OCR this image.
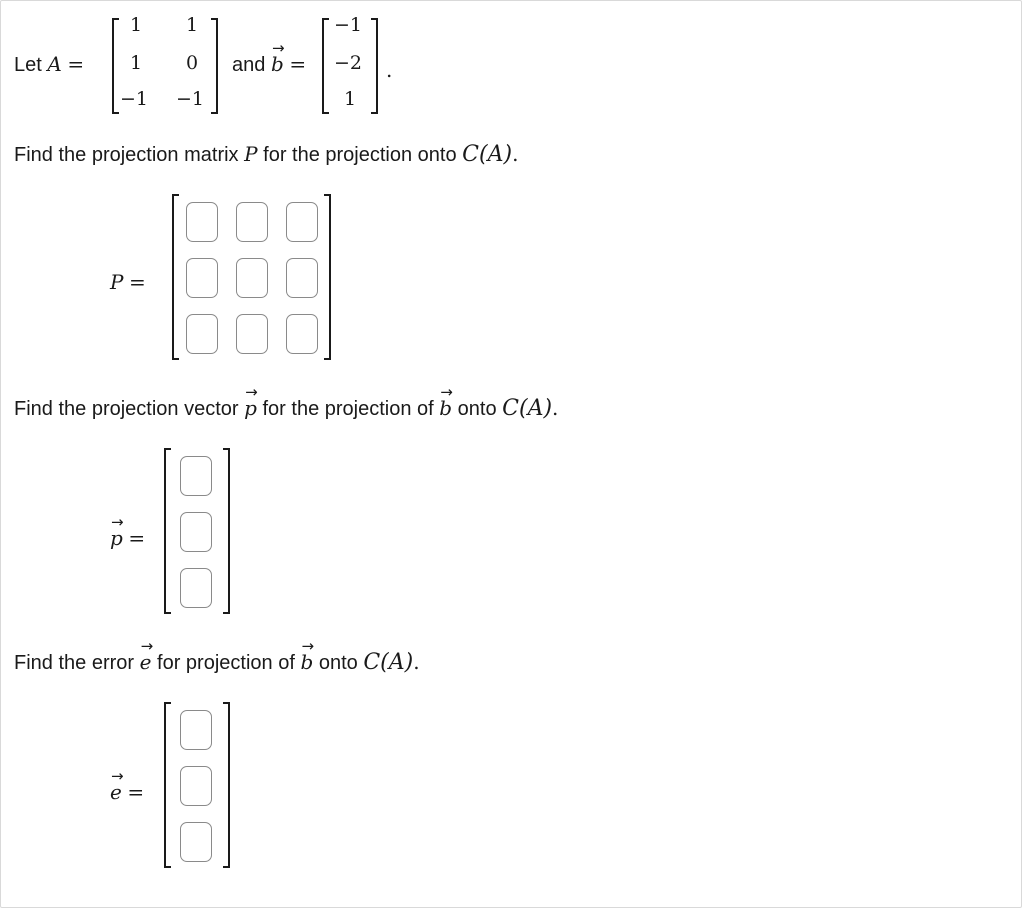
Let A =
1	1
1	0
−1	−1
and b → =
−1
−2
1
.
Find the projection matrix P for the projection onto C(A).
P =
Find the projection vector p → for the projection of b → onto C(A).
p → =
Find the error e → for projection of b → onto C(A).
e → =
